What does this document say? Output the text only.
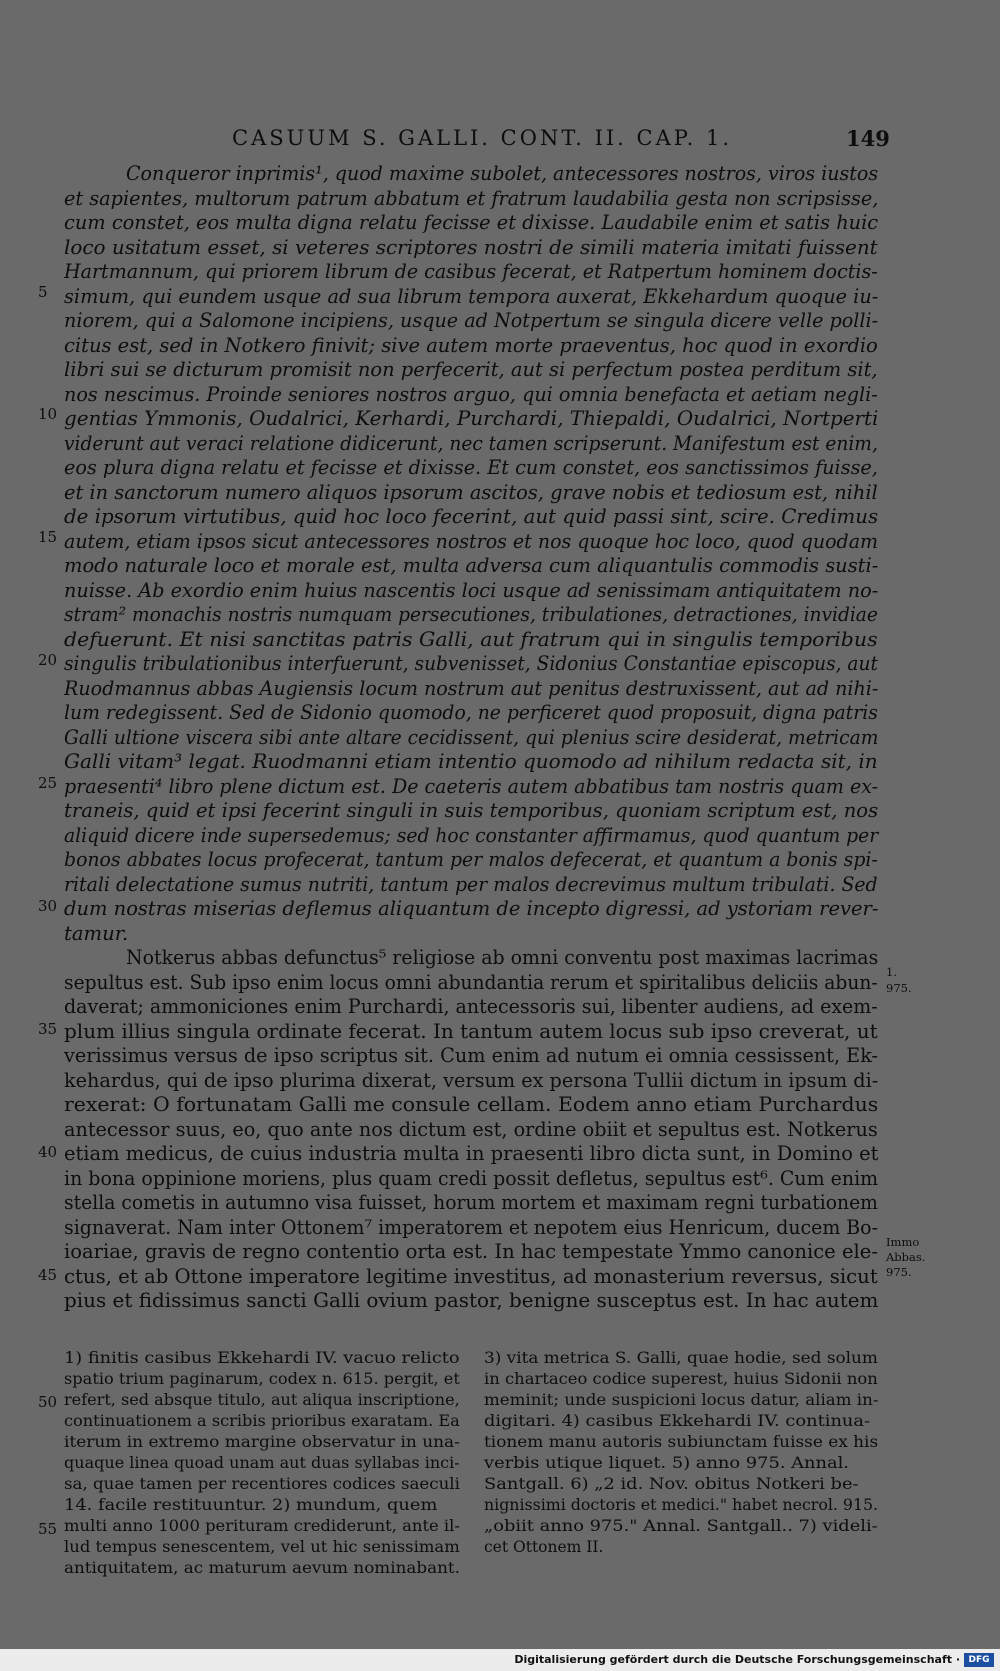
CASUUM S. GALLI. CONT. II. CAP. 1.	149
Conqueror inprimis¹, quod maxime subolet, antecessores nostros, viros iustos
et sapientes, multorum patrum abbatum et fratrum laudabilia gesta non scripsisse,
cum constet, eos multa digna relatu fecisse et dixisse. Laudabile enim et satis huic
loco usitatum esset, si veteres scriptores nostri de simili materia imitati fuissent
Hartmannum, qui priorem librum de casibus fecerat, et Ratpertum hominem doctis-
simum, qui eundem usque ad sua librum tempora auxerat, Ekkehardum quoque iu-
niorem, qui a Salomone incipiens, usque ad Notpertum se singula dicere velle polli-
citus est, sed in Notkero finivit; sive autem morte praeventus, hoc quod in exordio
libri sui se dicturum promisit non perfecerit, aut si perfectum postea perditum sit,
nos nescimus. Proinde seniores nostros arguo, qui omnia benefacta et aetiam negli-
gentias Ymmonis, Oudalrici, Kerhardi, Purchardi, Thiepaldi, Oudalrici, Nortperti
viderunt aut veraci relatione didicerunt, nec tamen scripserunt. Manifestum est enim,
eos plura digna relatu et fecisse et dixisse. Et cum constet, eos sanctissimos fuisse,
et in sanctorum numero aliquos ipsorum ascitos, grave nobis et tediosum est, nihil
de ipsorum virtutibus, quid hoc loco fecerint, aut quid passi sint, scire. Credimus
autem, etiam ipsos sicut antecessores nostros et nos quoque hoc loco, quod quodam
modo naturale loco et morale est, multa adversa cum aliquantulis commodis susti-
nuisse. Ab exordio enim huius nascentis loci usque ad senissimam antiquitatem no-
stram² monachis nostris numquam persecutiones, tribulationes, detractiones, invidiae
defuerunt. Et nisi sanctitas patris Galli, aut fratrum qui in singulis temporibus
singulis tribulationibus interfuerunt, subvenisset, Sidonius Constantiae episcopus, aut
Ruodmannus abbas Augiensis locum nostrum aut penitus destruxissent, aut ad nihi-
lum redegissent. Sed de Sidonio quomodo, ne perficeret quod proposuit, digna patris
Galli ultione viscera sibi ante altare cecidissent, qui plenius scire desiderat, metricam
Galli vitam³ legat. Ruodmanni etiam intentio quomodo ad nihilum redacta sit, in
praesenti⁴ libro plene dictum est. De caeteris autem abbatibus tam nostris quam ex-
traneis, quid et ipsi fecerint singuli in suis temporibus, quoniam scriptum est, nos
aliquid dicere inde supersedemus; sed hoc constanter affirmamus, quod quantum per
bonos abbates locus profecerat, tantum per malos defecerat, et quantum a bonis spi-
ritali delectatione sumus nutriti, tantum per malos decrevimus multum tribulati. Sed
dum nostras miserias deflemus aliquantum de incepto digressi, ad ystoriam rever-
tamur.
Notkerus abbas defunctus⁵ religiose ab omni conventu post maximas lacrimas
sepultus est. Sub ipso enim locus omni abundantia rerum et spiritalibus deliciis abun-
daverat; ammoniciones enim Purchardi, antecessoris sui, libenter audiens, ad exem-
plum illius singula ordinate fecerat. In tantum autem locus sub ipso creverat, ut
verissimus versus de ipso scriptus sit. Cum enim ad nutum ei omnia cessissent, Ek-
kehardus, qui de ipso plurima dixerat, versum ex persona Tullii dictum in ipsum di-
rexerat: O fortunatam Galli me consule cellam. Eodem anno etiam Purchardus
antecessor suus, eo, quo ante nos dictum est, ordine obiit et sepultus est. Notkerus
etiam medicus, de cuius industria multa in praesenti libro dicta sunt, in Domino et
in bona oppinione moriens, plus quam credi possit defletus, sepultus est⁶. Cum enim
stella cometis in autumno visa fuisset, horum mortem et maximam regni turbationem
signaverat. Nam inter Ottonem⁷ imperatorem et nepotem eius Henricum, ducem Bo-
ioariae, gravis de regno contentio orta est. In hac tempestate Ymmo canonice ele-
ctus, et ab Ottone imperatore legitime investitus, ad monasterium reversus, sicut
pius et fidissimus sancti Galli ovium pastor, benigne susceptus est. In hac autem
5
10
15
20
25
30
35
40
45
50
55
1.
975.
Immo
Abbas.
975.
1) finitis casibus Ekkehardi IV. vacuo relicto
spatio trium paginarum, codex n. 615. pergit, et
refert, sed absque titulo, aut aliqua inscriptione,
continuationem a scribis prioribus exaratam. Ea
iterum in extremo margine observatur in una-
quaque linea quoad unam aut duas syllabas inci-
sa, quae tamen per recentiores codices saeculi
14. facile restituuntur. 2) mundum, quem
multi anno 1000 perituram crediderunt, ante il-
lud tempus senescentem, vel ut hic senissimam
antiquitatem, ac maturum aevum nominabant.
3) vita metrica S. Galli, quae hodie, sed solum
in chartaceo codice superest, huius Sidonii non
meminit; unde suspicioni locus datur, aliam in-
digitari. 4) casibus Ekkehardi IV. continua-
tionem manu autoris subiunctam fuisse ex his
verbis utique liquet. 5) anno 975. Annal.
Santgall. 6) „2 id. Nov. obitus Notkeri be-
nignissimi doctoris et medici." habet necrol. 915.
„obiit anno 975." Annal. Santgall.. 7) videli-
cet Ottonem II.
Digitalisierung gefördert durch die Deutsche Forschungsgemeinschaft · DFG
